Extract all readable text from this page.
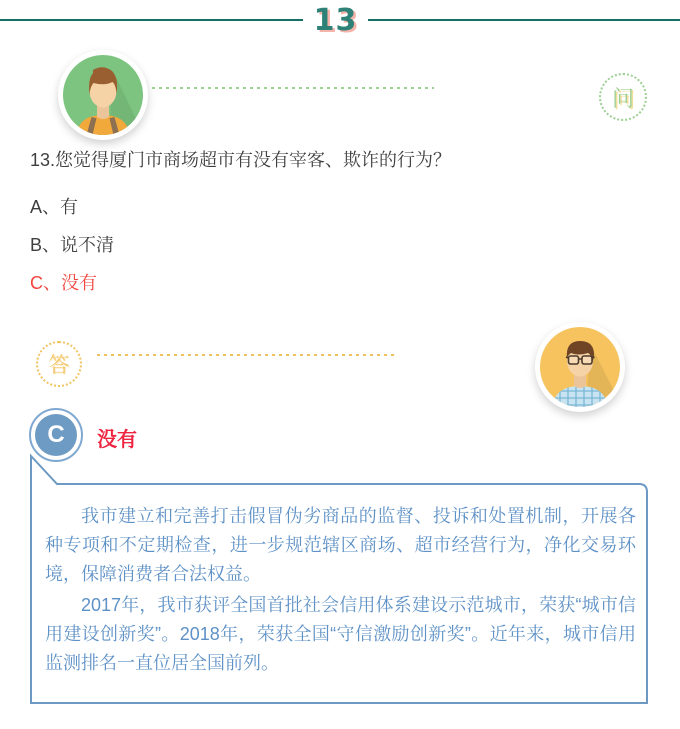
13
问
13.您觉得厦门市商场超市有没有宰客、欺诈的行为？
A、有
B、说不清
C、没有
答
C	没有

我市建立和完善打击假冒伪劣商品的监督、投诉和处置机制，开展各种专项和不定期检查，进一步规范辖区商场、超市经营行为，净化交易环境，保障消费者合法权益。

2017年，我市获评全国首批社会信用体系建设示范城市，荣获“城市信用建设创新奖”。2018年，荣获全国“守信激励创新奖”。近年来，城市信用监测排名一直位居全国前列。
